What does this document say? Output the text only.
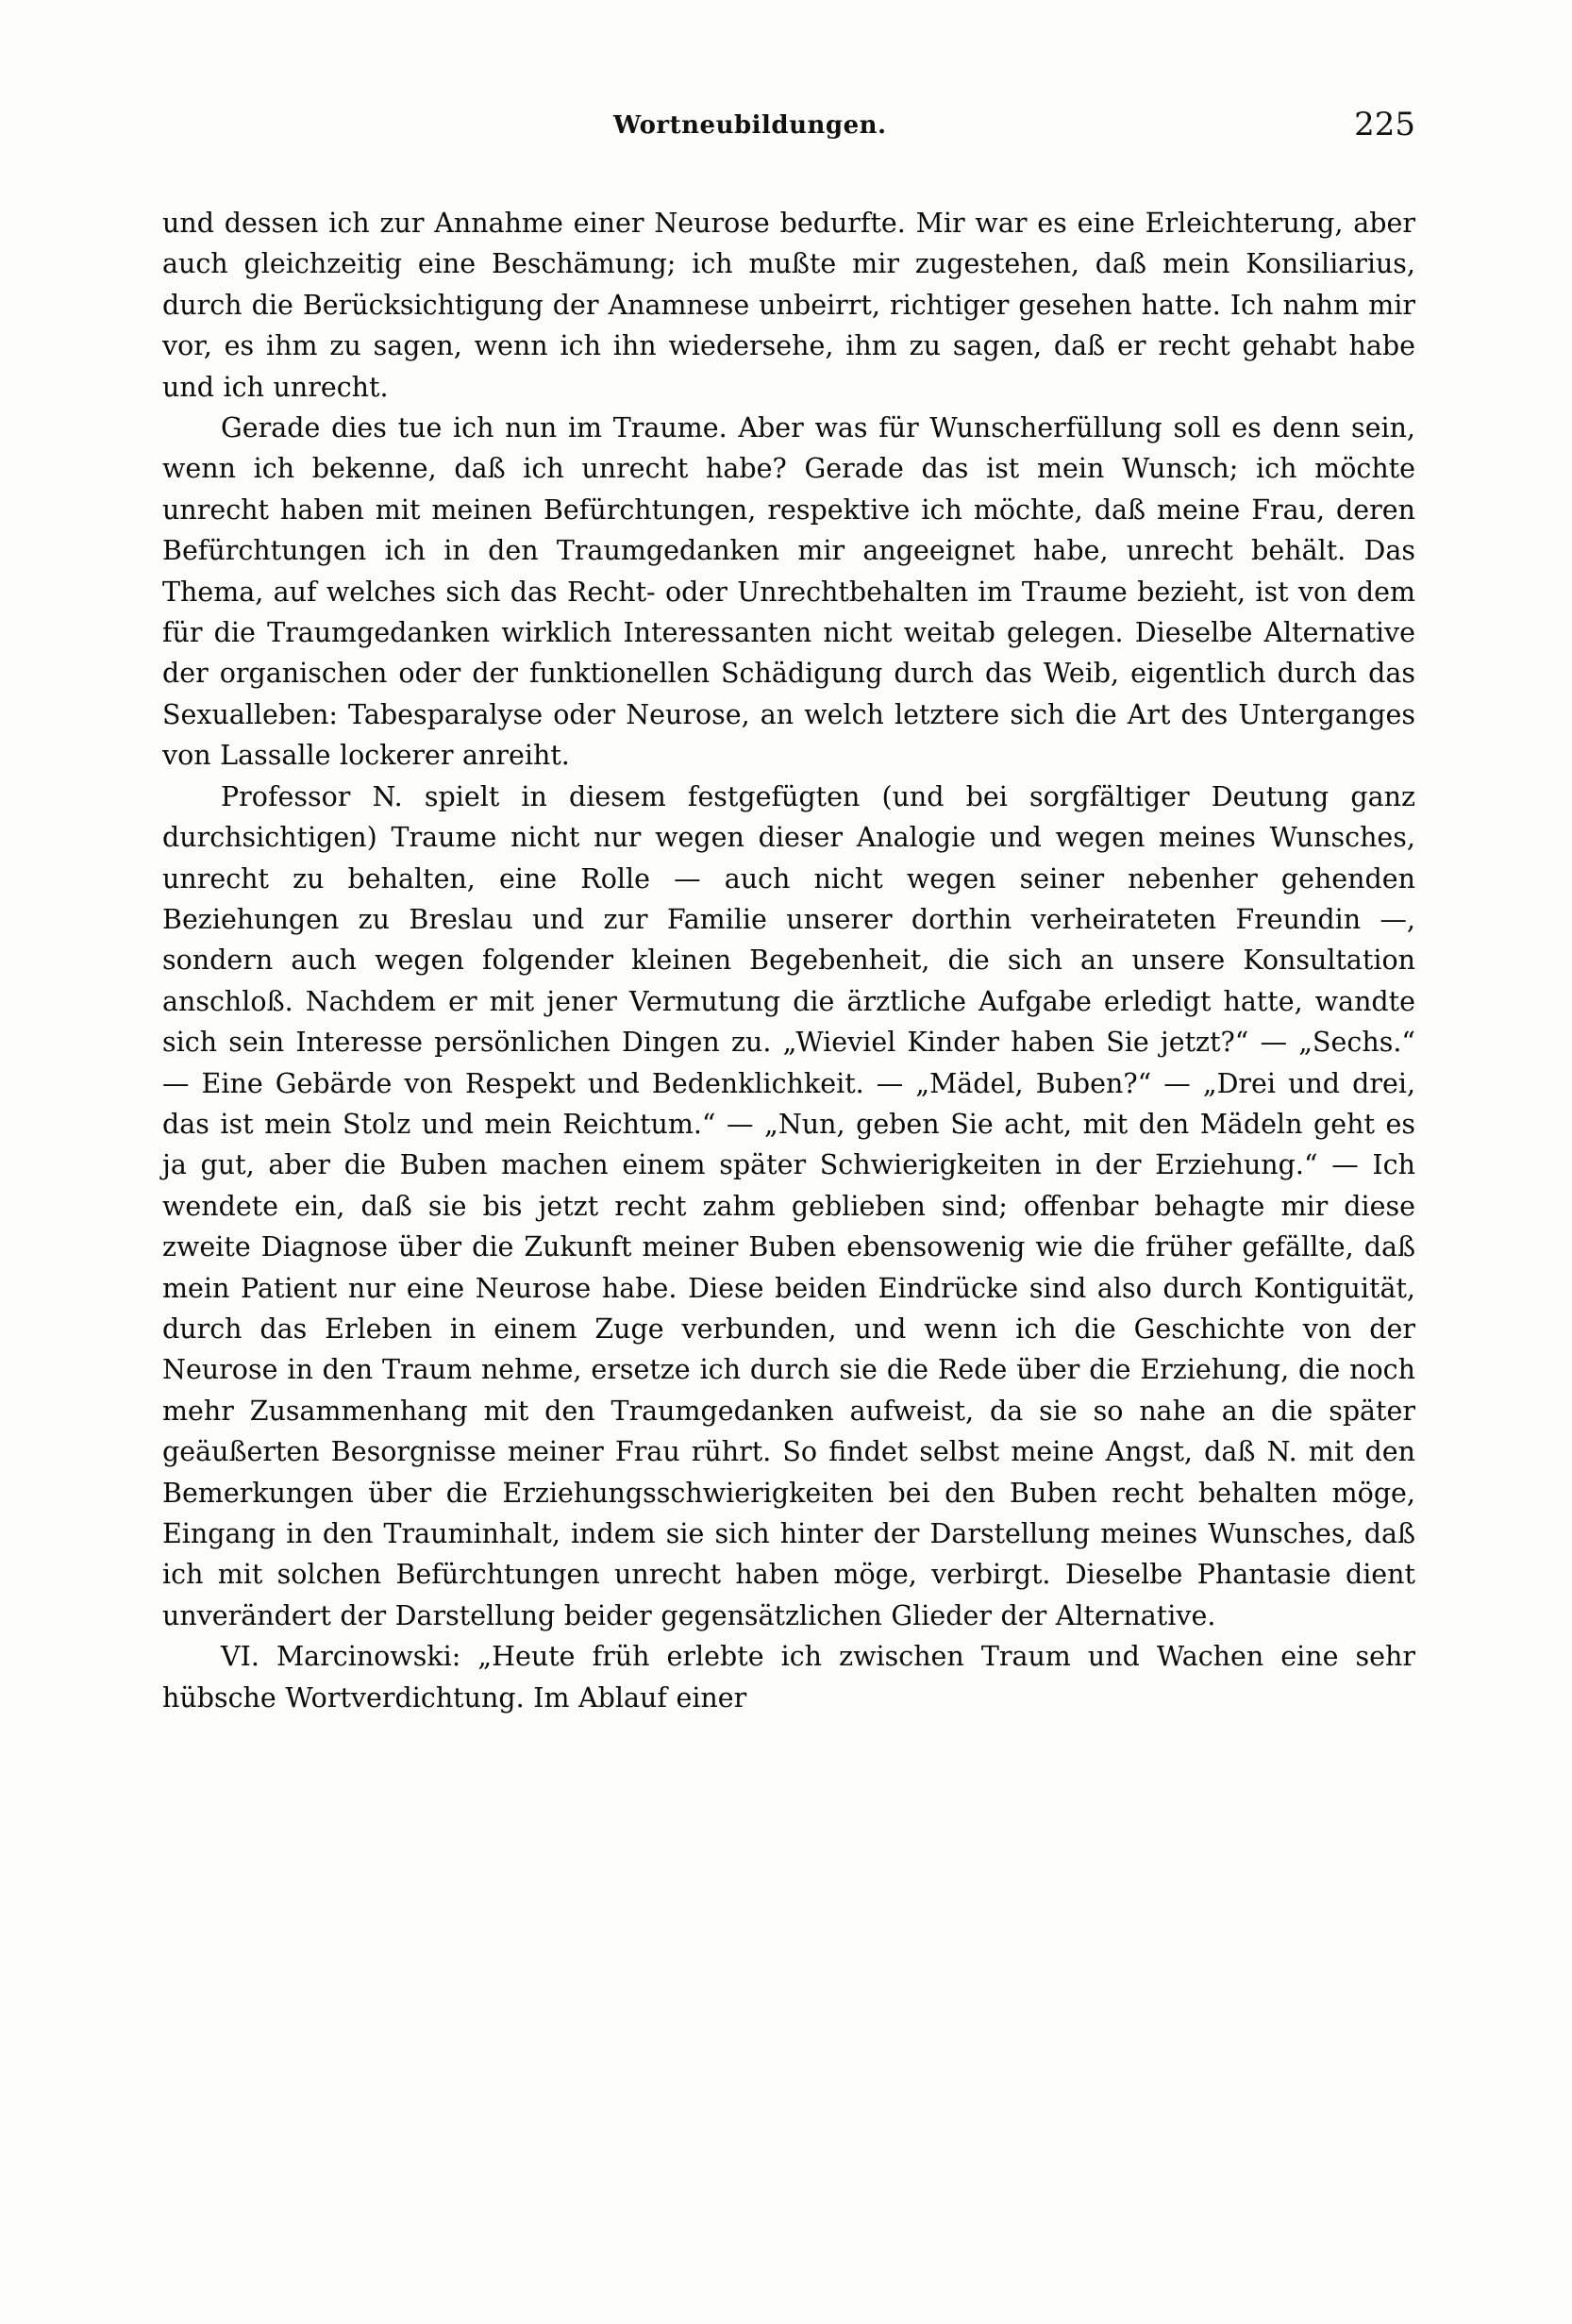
Wortneubildungen.	225

und dessen ich zur Annahme einer Neurose bedurfte. Mir war es eine Erleichterung, aber auch gleichzeitig eine Beschämung; ich mußte mir zugestehen, daß mein Konsiliarius, durch die Berücksichtigung der Anamnese unbeirrt, richtiger gesehen hatte. Ich nahm mir vor, es ihm zu sagen, wenn ich ihn wiedersehe, ihm zu sagen, daß er recht gehabt habe und ich unrecht.

Gerade dies tue ich nun im Traume. Aber was für Wunscherfüllung soll es denn sein, wenn ich bekenne, daß ich unrecht habe? Gerade das ist mein Wunsch; ich möchte unrecht haben mit meinen Befürchtungen, respektive ich möchte, daß meine Frau, deren Befürchtungen ich in den Traumgedanken mir angeeignet habe, unrecht behält. Das Thema, auf welches sich das Recht- oder Unrechtbehalten im Traume bezieht, ist von dem für die Traumgedanken wirklich Interessanten nicht weitab gelegen. Dieselbe Alternative der organischen oder der funktionellen Schädigung durch das Weib, eigentlich durch das Sexualleben: Tabesparalyse oder Neurose, an welch letztere sich die Art des Unterganges von Lassalle lockerer anreiht.

Professor N. spielt in diesem festgefügten (und bei sorgfältiger Deutung ganz durchsichtigen) Traume nicht nur wegen dieser Analogie und wegen meines Wunsches, unrecht zu behalten, eine Rolle — auch nicht wegen seiner nebenher gehenden Beziehungen zu Breslau und zur Familie unserer dorthin verheirateten Freundin —, sondern auch wegen folgender kleinen Begebenheit, die sich an unsere Konsultation anschloß. Nachdem er mit jener Vermutung die ärztliche Aufgabe erledigt hatte, wandte sich sein Interesse persönlichen Dingen zu. „Wieviel Kinder haben Sie jetzt?“ — „Sechs.“ — Eine Gebärde von Respekt und Bedenklichkeit. — „Mädel, Buben?“ — „Drei und drei, das ist mein Stolz und mein Reichtum.“ — „Nun, geben Sie acht, mit den Mädeln geht es ja gut, aber die Buben machen einem später Schwierigkeiten in der Erziehung.“ — Ich wendete ein, daß sie bis jetzt recht zahm geblieben sind; offenbar behagte mir diese zweite Diagnose über die Zukunft meiner Buben ebensowenig wie die früher gefällte, daß mein Patient nur eine Neurose habe. Diese beiden Eindrücke sind also durch Kontiguität, durch das Erleben in einem Zuge verbunden, und wenn ich die Geschichte von der Neurose in den Traum nehme, ersetze ich durch sie die Rede über die Erziehung, die noch mehr Zusammenhang mit den Traumgedanken aufweist, da sie so nahe an die später geäußerten Besorgnisse meiner Frau rührt. So findet selbst meine Angst, daß N. mit den Bemerkungen über die Erziehungsschwierigkeiten bei den Buben recht behalten möge, Eingang in den Trauminhalt, indem sie sich hinter der Darstellung meines Wunsches, daß ich mit solchen Befürchtungen unrecht haben möge, verbirgt. Dieselbe Phantasie dient unverändert der Darstellung beider gegensätzlichen Glieder der Alternative.

VI. Marcinowski: „Heute früh erlebte ich zwischen Traum und Wachen eine sehr hübsche Wortverdichtung. Im Ablauf einer
